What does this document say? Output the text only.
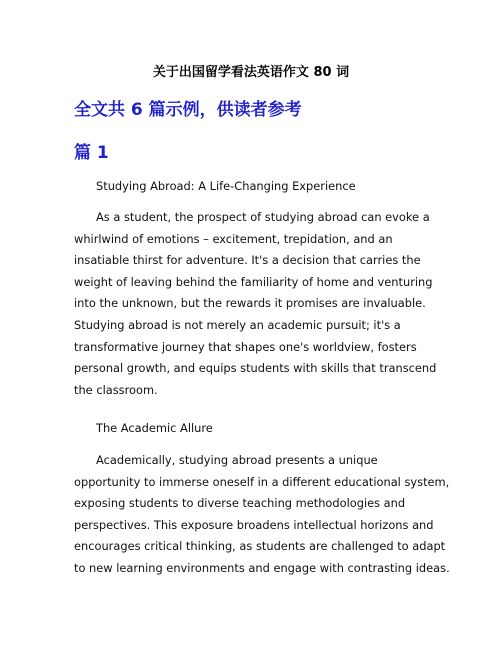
关于出国留学看法英语作文 80 词
全文共 6 篇示例，供读者参考
篇 1
Studying Abroad: A Life-Changing Experience
As a student, the prospect of studying abroad can evoke a
whirlwind of emotions – excitement, trepidation, and an
insatiable thirst for adventure. It's a decision that carries the
weight of leaving behind the familiarity of home and venturing
into the unknown, but the rewards it promises are invaluable.
Studying abroad is not merely an academic pursuit; it's a
transformative journey that shapes one's worldview, fosters
personal growth, and equips students with skills that transcend
the classroom.
The Academic Allure
Academically, studying abroad presents a unique
opportunity to immerse oneself in a different educational system,
exposing students to diverse teaching methodologies and
perspectives. This exposure broadens intellectual horizons and
encourages critical thinking, as students are challenged to adapt
to new learning environments and engage with contrasting ideas.
